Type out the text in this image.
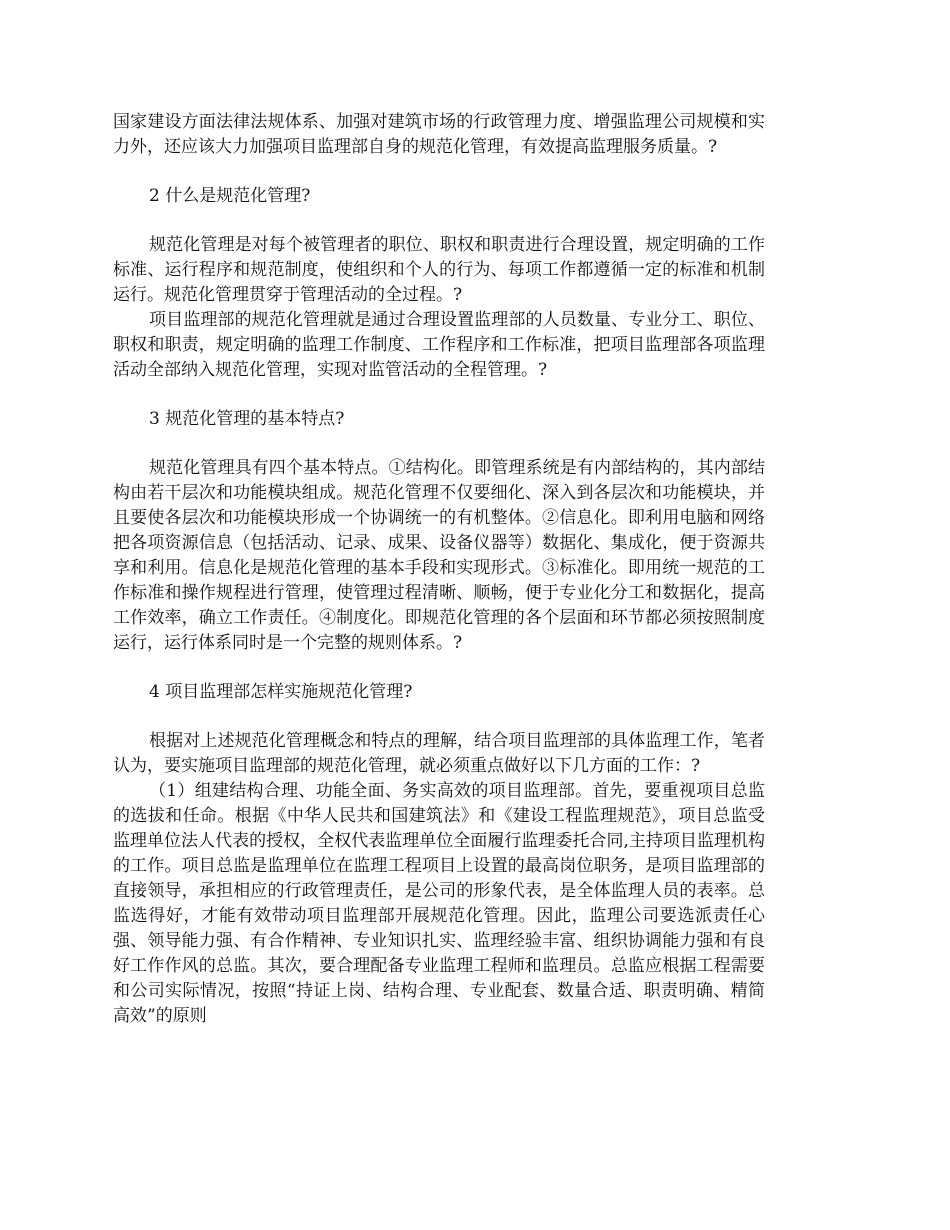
国家建设方面法律法规体系、加强对建筑市场的行政管理力度、增强监理公司规模和实力外，还应该大力加强项目监理部自身的规范化管理，有效提高监理服务质量。?

2 什么是规范化管理?

规范化管理是对每个被管理者的职位、职权和职责进行合理设置，规定明确的工作标准、运行程序和规范制度，使组织和个人的行为、每项工作都遵循一定的标准和机制运行。规范化管理贯穿于管理活动的全过程。?

项目监理部的规范化管理就是通过合理设置监理部的人员数量、专业分工、职位、职权和职责，规定明确的监理工作制度、工作程序和工作标准，把项目监理部各项监理活动全部纳入规范化管理，实现对监管活动的全程管理。?

3 规范化管理的基本特点?

规范化管理具有四个基本特点。①结构化。即管理系统是有内部结构的，其内部结构由若干层次和功能模块组成。规范化管理不仅要细化、深入到各层次和功能模块，并且要使各层次和功能模块形成一个协调统一的有机整体。②信息化。即利用电脑和网络把各项资源信息（包括活动、记录、成果、设备仪器等）数据化、集成化，便于资源共享和利用。信息化是规范化管理的基本手段和实现形式。③标准化。即用统一规范的工作标准和操作规程进行管理，使管理过程清晰、顺畅，便于专业化分工和数据化，提高工作效率，确立工作责任。④制度化。即规范化管理的各个层面和环节都必须按照制度运行，运行体系同时是一个完整的规则体系。?

4 项目监理部怎样实施规范化管理?

根据对上述规范化管理概念和特点的理解，结合项目监理部的具体监理工作，笔者认为，要实施项目监理部的规范化管理，就必须重点做好以下几方面的工作：?

（1）组建结构合理、功能全面、务实高效的项目监理部。首先，要重视项目总监的选拔和任命。根据《中华人民共和国建筑法》和《建设工程监理规范》，项目总监受监理单位法人代表的授权，全权代表监理单位全面履行监理委托合同,主持项目监理机构的工作。项目总监是监理单位在监理工程项目上设置的最高岗位职务，是项目监理部的直接领导，承担相应的行政管理责任，是公司的形象代表，是全体监理人员的表率。总监选得好，才能有效带动项目监理部开展规范化管理。因此，监理公司要选派责任心强、领导能力强、有合作精神、专业知识扎实、监理经验丰富、组织协调能力强和有良好工作作风的总监。其次，要合理配备专业监理工程师和监理员。总监应根据工程需要和公司实际情况，按照“持证上岗、结构合理、专业配套、数量合适、职责明确、精简高效”的原则
